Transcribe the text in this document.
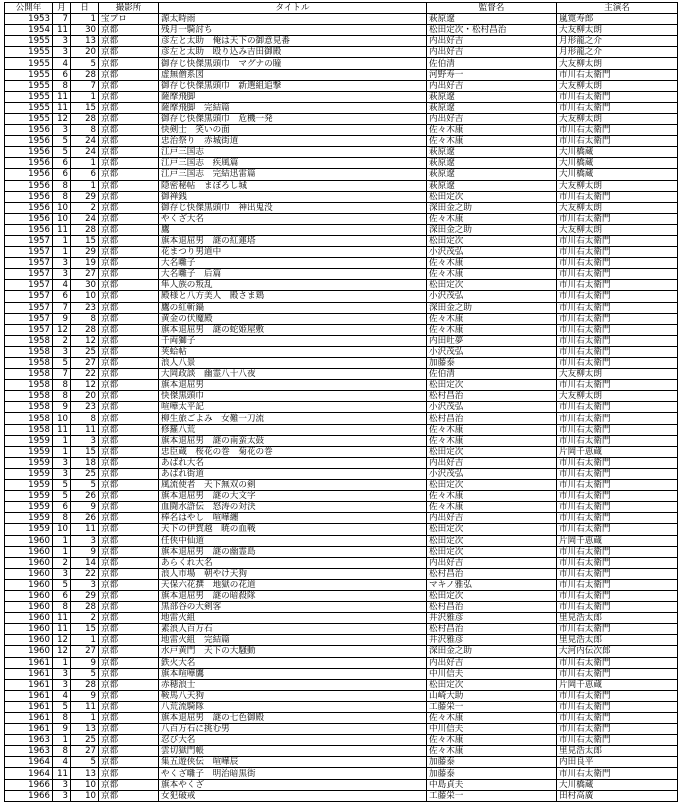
公開年	月	日	撮影所	タイトル	監督名	主演名
1953	7	1	宝プロ	源太時雨	萩原遼	嵐寛寿郎
1954	11	30	京都	残月一騎討ち	松田定次・松村昌治	大友柳太朗
1955	3	13	京都	彦左と太助　俺は天下の御意見番	内出好吉	月形龍之介
1955	3	20	京都	彦左と太助　殴り込み吉田御殿	内出好吉	月形龍之介
1955	4	5	京都	御存じ快傑黒頭巾　マグナの瞳	佐伯清	大友柳太朗
1955	6	28	京都	虚無僧系図	河野寿一	市川右太衛門
1955	8	7	京都	御存じ快傑黒頭巾　新選組追撃	内出好吉	大友柳太朗
1955	11	1	京都	薩摩飛脚	萩原遼	市川右太衛門
1955	11	15	京都	薩摩飛脚　完結篇	萩原遼	市川右太衛門
1955	12	28	京都	御存じ快傑黒頭巾　危機一発	内出好吉	大友柳太朗
1956	3	8	京都	快剣士　笑いの面	佐々木康	市川右太衛門
1956	5	24	京都	忠治祭り　赤城街道	佐々木康	市川右太衛門
1956	5	24	京都	江戸三国志	萩原遼	大川橋蔵
1956	6	1	京都	江戸三国志　疾風篇	萩原遼	大川橋蔵
1956	6	6	京都	江戸三国志　完結迅雷篇	萩原遼	大川橋蔵
1956	8	1	京都	隠密秘帖　まぼろし城	萩原遼	大友柳太朗
1956	8	29	京都	御禅銭	松田定次	市川右太衛門
1956	10	2	京都	御存じ快傑黒頭巾　神出鬼没	深田金之助	大友柳太朗
1956	10	24	京都	やくざ大名	佐々木康	市川右太衛門
1956	11	28	京都	鷹	深田金之助	大友柳太朗
1957	1	15	京都	旗本退屈男　謎の紅蓮塔	松田定次	市川右太衛門
1957	1	29	京都	花まつり男道中	小沢茂弘	市川右太衛門
1957	3	19	京都	大名囃子	佐々木康	市川右太衛門
1957	3	27	京都	大名囃子　后篇	佐々木康	市川右太衛門
1957	4	30	京都	隼人族の叛乱	松田定次	市川右太衛門
1957	6	10	京都	殿様と八方美人　殿さま鶏	小沢茂弘	市川右太衛門
1957	7	23	京都	鷹の紅斬鍋	深田金之助	市川右太衛門
1957	9	8	京都	黄金の伏魔殿	佐々木康	市川右太衛門
1957	12	28	京都	旗本退屈男　謎の蛇姫屋敷	佐々木康	市川右太衛門
1958	2	12	京都	千両獅子	内田吐夢	市川右太衛門
1958	3	25	京都	荚蛤帖	小沢茂弘	市川右太衛門
1958	5	27	京都	浪人八景	加藤泰	市川右太衛門
1958	7	22	京都	大岡政談　幽霊八十八夜	佐伯清	大友柳太朗
1958	8	12	京都	旗本退屈男	松田定次	市川右太衛門
1958	8	20	京都	快傑黒頭巾	松村昌治	大友柳太朗
1958	9	23	京都	喧嘩太平記	小沢茂弘	市川右太衛門
1958	10	8	京都	柳生旅ごよみ　女難一刀流	松村昌治	市川右太衛門
1958	11	11	京都	修羅八荒	佐々木康	市川右太衛門
1959	1	3	京都	旗本退屈男　謎の南蛮太鼓	佐々木康	市川右太衛門
1959	1	15	京都	忠臣蔵　桜花の巻　菊花の巻	松田定次	片岡千恵蔵
1959	3	18	京都	あばれ大名	内出好吉	市川右太衛門
1959	3	25	京都	あばれ街道	小沢茂弘	市川右太衛門
1959	5	5	京都	風流使者　天下無双の剣	松田定次	市川右太衛門
1959	5	26	京都	旗本退屈男　謎の大文字	佐々木康	市川右太衛門
1959	6	9	京都	血闘水滸伝　怒涛の対決	佐々木康	市川右太衛門
1959	8	26	京都	棒名はやし　喧嘩纏	内出好吉	市川右太衛門
1959	10	11	京都	天下の伊賀越　暁の血戦	松田定次	市川右太衛門
1960	1	3	京都	任侠中仙道	松田定次	片岡千恵蔵
1960	1	9	京都	旗本退屈男　謎の幽霊島	松田定次	市川右太衛門
1960	2	14	京都	あらくれ大名	内出好吉	市川右太衛門
1960	3	22	京都	浪人市場　朝やけ天狗	松村昌治	市川右太衛門
1960	5	3	京都	天保六花撰　地獄の花道	マキノ雅弘	市川右太衛門
1960	6	29	京都	旗本退屈男　謎の暗殺隊	松田定次	市川右太衛門
1960	8	28	京都	黒部谷の大剣客	松村昌治	市川右太衛門
1960	11	2	京都	地雷火組	井沢雅彦	里見浩太郎
1960	11	15	京都	素浪人百万石	松村昌治	市川右太衛門
1960	12	1	京都	地雷火組　完結篇	井沢雅彦	里見浩太郎
1960	12	27	京都	水戸黄門　天下の大騒動	深田金之助	大河内伝次郎
1961	1	9	京都	鉄火大名	内出好吉	市川右太衛門
1961	3	5	京都	旗本喧嘩鷹	中川信夫	市川右太衛門
1961	3	28	京都	赤穂浪士	松田定次	片岡千恵蔵
1961	4	9	京都	鞍馬八天狗	山崎大助	市川右太衛門
1961	5	11	京都	八荒流騎隊	工藤栄一	市川右太衛門
1961	8	1	京都	旗本退屈男　謎の七色御殿	佐々木康	市川右太衛門
1961	9	13	京都	八百万石に挑む男	中川信夫	市川右太衛門
1963	1	25	京都	忍び大名	佐々木康	市川右太衛門
1963	8	27	京都	雲切獄門帳	佐々木康	里見浩太郎
1964	4	5	京都	集五遊侠伝　喧嘩辰	加藤泰	内田良平
1964	11	13	京都	やくざ囃子　明治暗黒街	加藤泰	市川右太衛門
1966	3	10	京都	旗本やくざ	中島貞夫	大川橋蔵
1966	3	10	京都	女犯破戒	工藤栄一	田村高廣
